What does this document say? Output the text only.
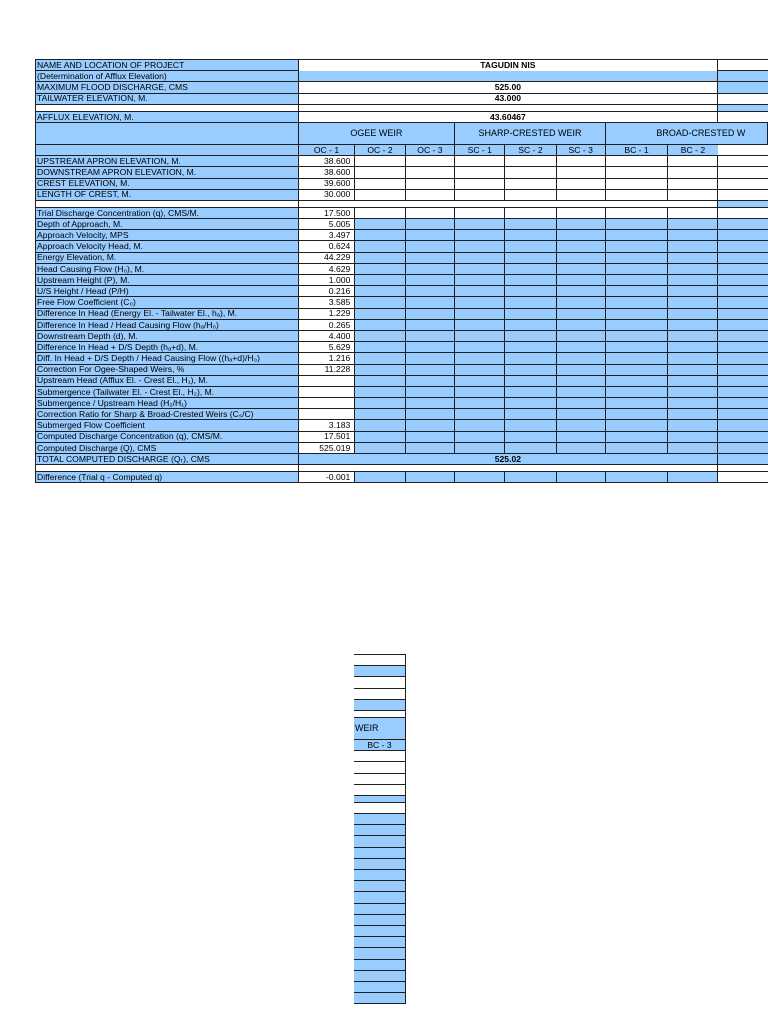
NAME AND LOCATION OF PROJECT	TAGUDIN NIS								
(Determination of Afflux Elevation)									
MAXIMUM FLOOD DISCHARGE, CMS	525.00								
TAILWATER ELEVATION, M.	43.000								

AFFLUX ELEVATION, M.	43.60467								
	OGEE WEIR			SHARP-CRESTED WEIR			BROAD-CRESTED W		
	OC - 1	OC - 2	OC - 3	SC - 1	SC - 2	SC - 3	BC - 1	BC - 2	
UPSTREAM APRON ELEVATION, M.	38.600								
DOWNSTREAM APRON ELEVATION, M.	38.600								
CREST ELEVATION, M.	39.600								
LENGTH OF CREST, M.	30.000								

Trial Discharge Concentration (q), CMS/M.	17.500								
Depth of Approach, M.	5.005								
Approach Velocity, MPS	3.497								
Approach Velocity Head, M.	0.624								
Energy Elevation, M.	44.229								
Head Causing Flow (H₀), M.	4.629								
Upstream Height (P), M.	1.000								
U/S Height / Head (P/H)	0.216								
Free Flow Coefficient (C₀)	3.585								
Difference In Head (Energy El. - Tailwater El., hₐ), M.	1.229								
Difference In Head / Head Causing Flow (hₐ/H₀)	0.265								
Downstream Depth (d), M.	4.400								
Difference In Head + D/S Depth (hₐ+d), M.	5.629								
Diff. In Head + D/S Depth / Head Causing Flow ((hₐ+d)/H₀)	1.216								
Correction For Ogee-Shaped Weirs, %	11.228								
Upstream Head (Afflux El. - Crest El., H₁), M.									
Submergence (Tailwater El. - Crest El., H₂), M.									
Submergence / Upstream Head (H₂/H₁)									
Correction Ratio for Sharp & Broad-Crested Weirs (Cₛ/C)									
Submerged Flow Coefficient	3.183								
Computed Discharge Concentration (q), CMS/M.	17.501								
Computed Discharge (Q), CMS	525.019								
TOTAL COMPUTED DISCHARGE (Qₜ), CMS	525.02								

Difference (Trial q - Computed q)	-0.001								

WEIR
BC - 3
